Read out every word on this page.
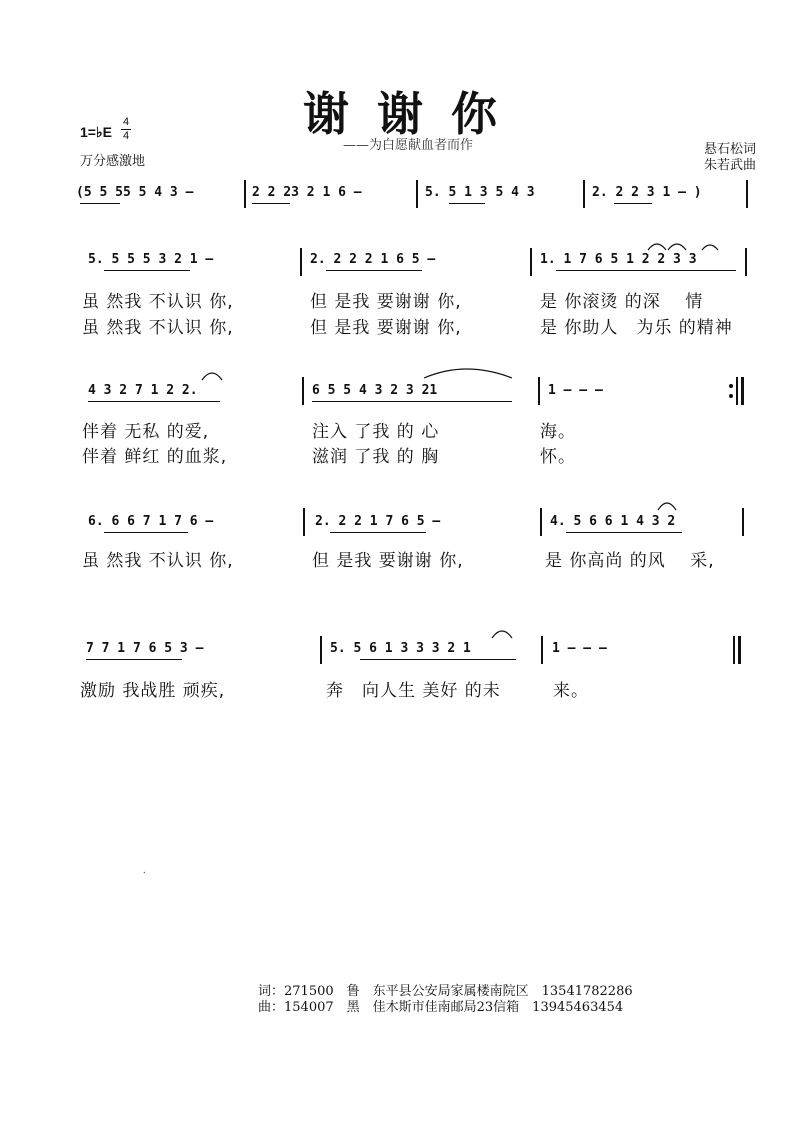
谢谢你
——为白愿献血者而作
1=♭E
4
4
万分感激地
悬石松词
朱若武曲
(5 5 55 5 4 3 –	2 2 23 2 1 6 –	5. 5 1 3 5 4 3	2. 2 2 3 1 – )
5. 5 5 5 3 2 1 –	2. 2 2 2 1 6 5 –	1. 1 7 6 5 1 2 2 3 3
虽 然我 不认识 你,	但 是我 要谢谢 你,	是 你滚烫 的深　 情
虽 然我 不认识 你,	但 是我 要谢谢 你,	是 你助人　为乐 的精神
4 3 2 7 1 2 2.	6 5 5 4 3 2 3 21	1 – – –
伴着 无私 的爱,	注入 了我 的 心	海。
伴着 鲜红 的血浆,	滋润 了我 的 胸	怀。
6. 6 6 7 1 7 6 –	2. 2 2 1 7 6 5 –	4. 5 6 6 1 4 3 2
虽 然我 不认识 你,	但 是我 要谢谢 你,	是 你高尚 的风　 采,
7 7 1 7 6 5 3 –	5. 5 6 1 3 3 3 2 1	1 – – –
激励 我战胜 顽疾,	奔　向人生 美好 的未	来。
⸱
词：271500　鲁　东平县公安局家属楼南院区　13541782286
曲：154007　黑　佳木斯市佳南邮局23信箱　13945463454
